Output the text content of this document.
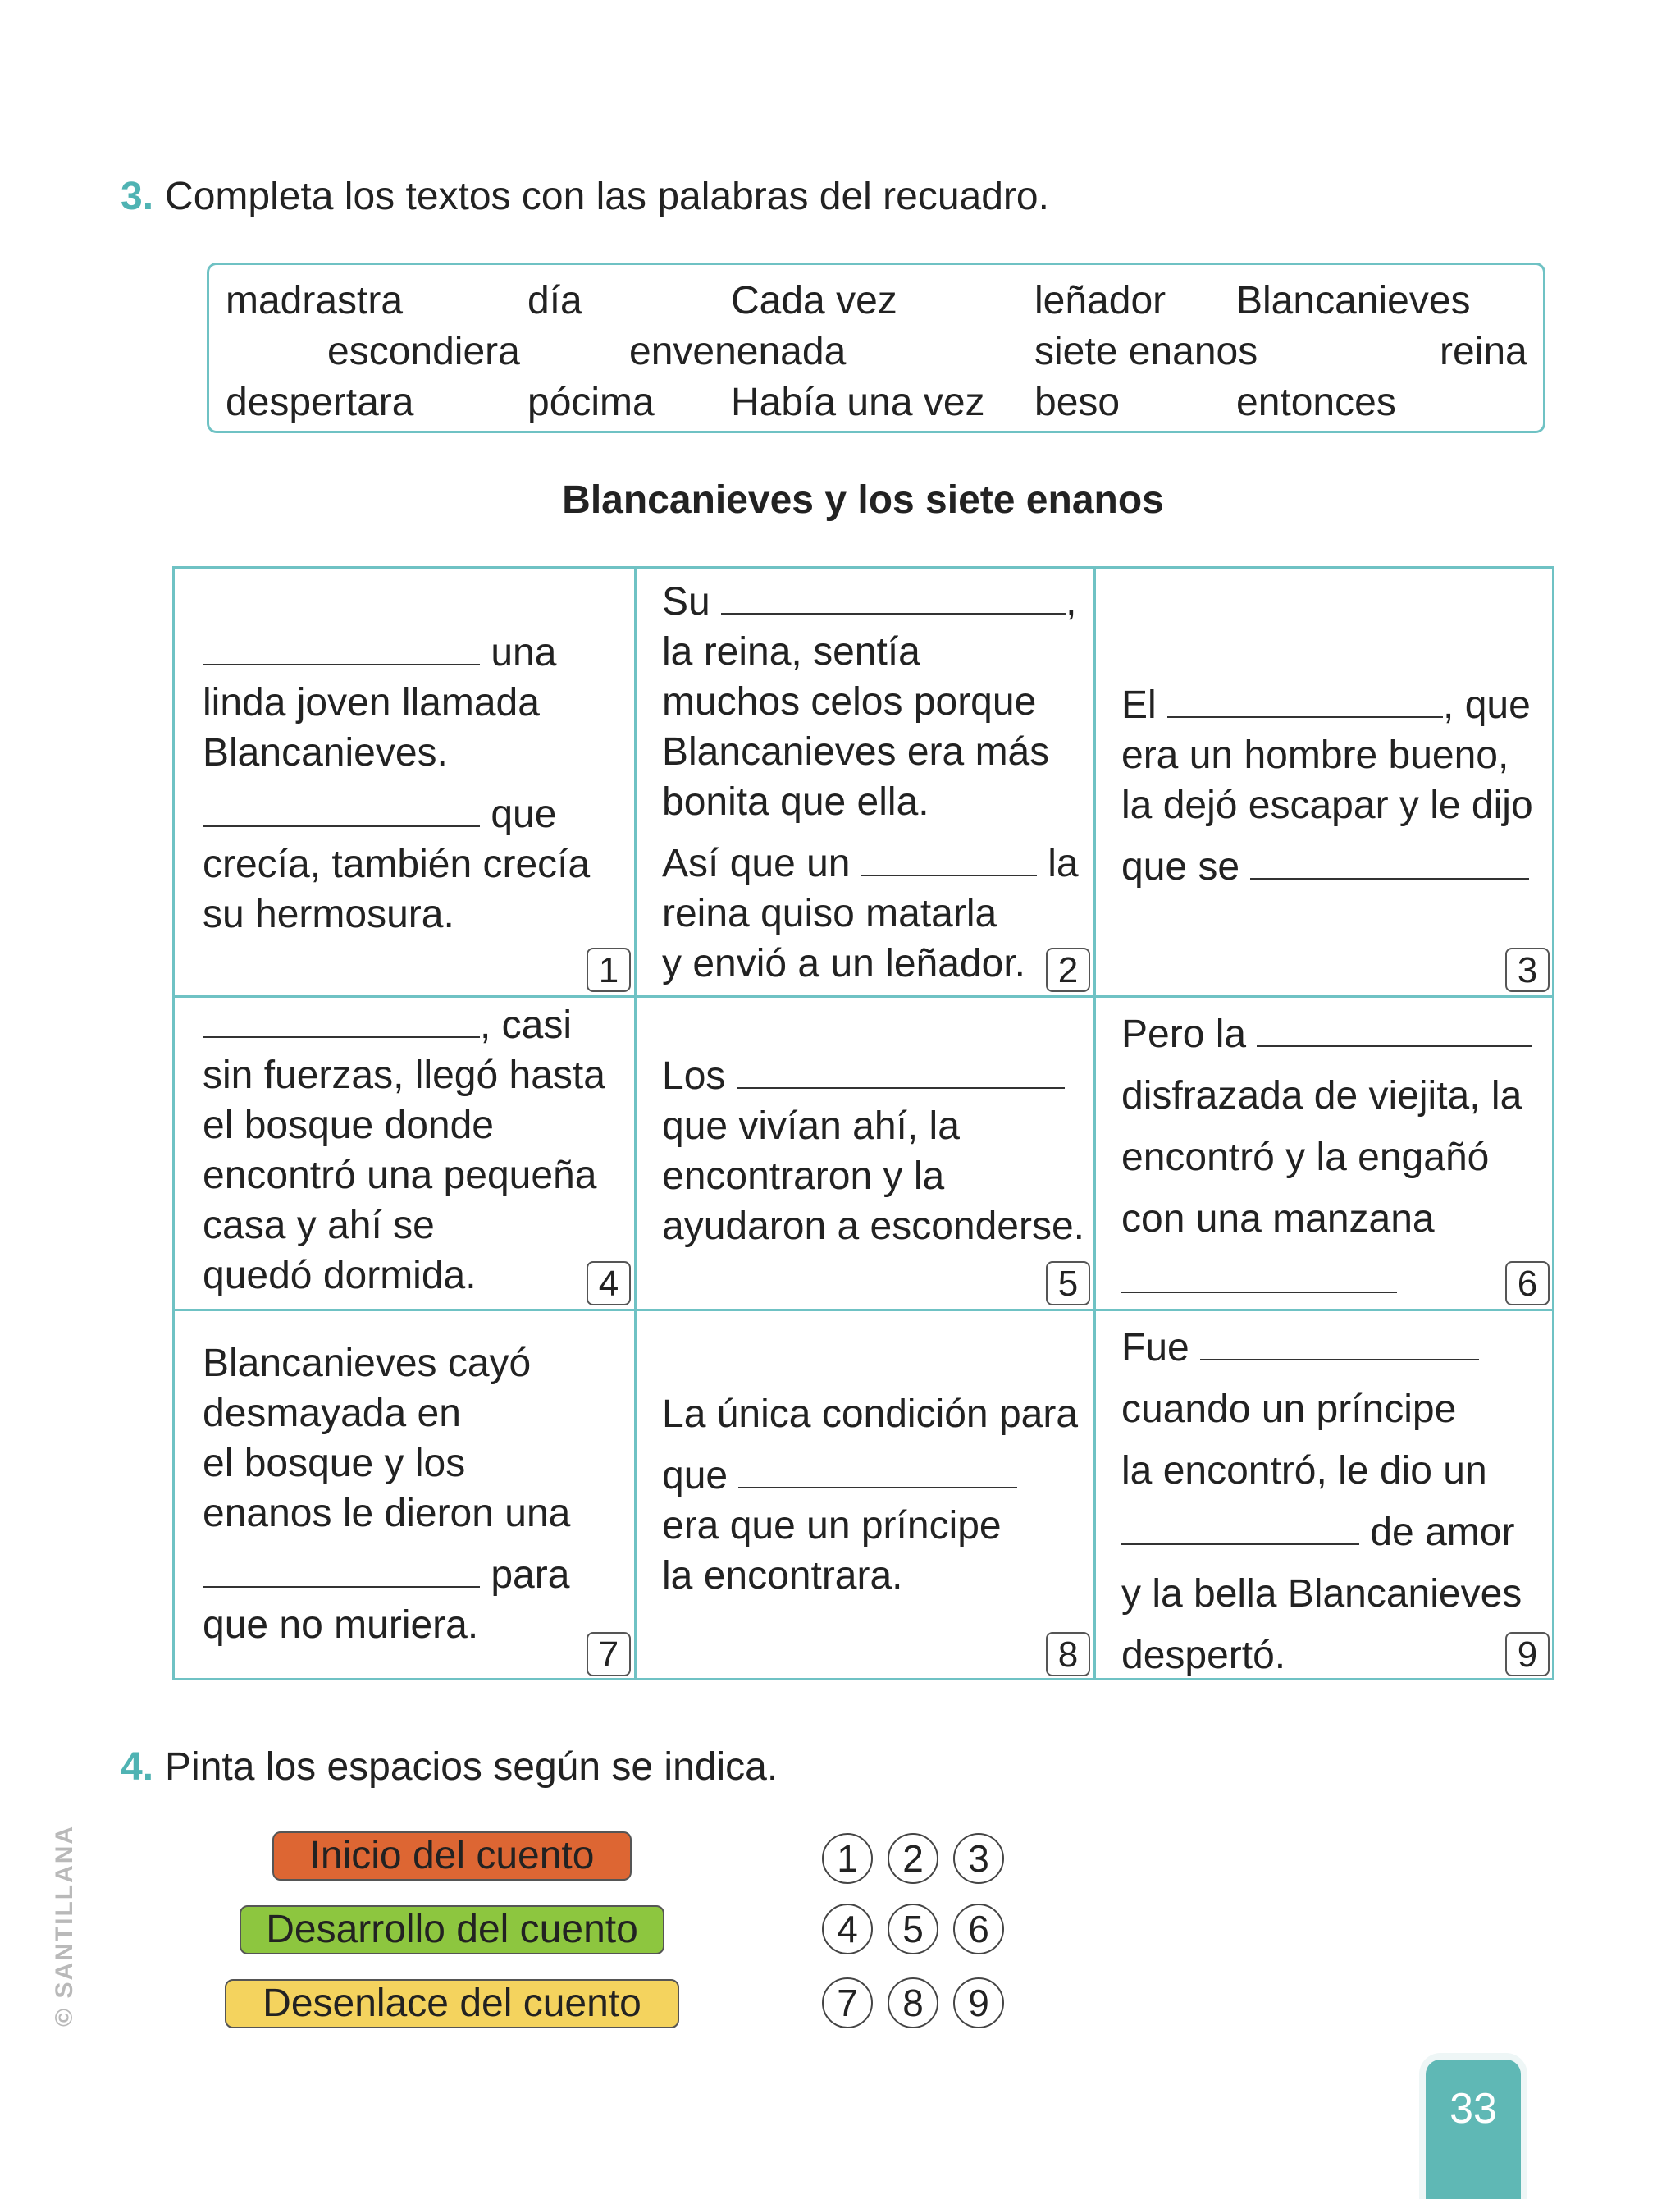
3. Completa los textos con las palabras del recuadro.
madrastra	día	Cada vez	leñador Blancanieves
escondiera	envenenada	siete enanos	reina
despertara	pócima Había una vez beso	entonces
Blancanieves y los siete enanos
una
linda joven llamada
Blancanieves.
que
crecía, también crecía
su hermosura.
1
Su	,
la reina, sentía
muchos celos porque
Blancanieves era más
bonita que ella.
Así que un	la
reina quiso matarla
y envió a un leñador. 2
El	, que
era un hombre bueno,
la dejó escapar y le dijo
que se
3
, casi
sin fuerzas, llegó hasta
el bosque donde
encontró una pequeña
casa y ahí se
quedó dormida.	4
Los
que vivían ahí, la
encontraron y la
ayudaron a esconderse.
5
Pero la
disfrazada de viejita, la
encontró y la engañó
con una manzana
6
Blancanieves cayó
desmayada en
el bosque y los
enanos le dieron una
para
que no muriera.
7
La única condición para
que
era que un príncipe
la encontrara.
8
Fue
cuando un príncipe
la encontró, le dio un
de amor
y la bella Blancanieves
despertó.	9
4. Pinta los espacios según se indica.
Inicio del cuento
Desarrollo del cuento
Desenlace del cuento
1	2	3
4	5	6
7	8	9
© SANTILLANA
33
